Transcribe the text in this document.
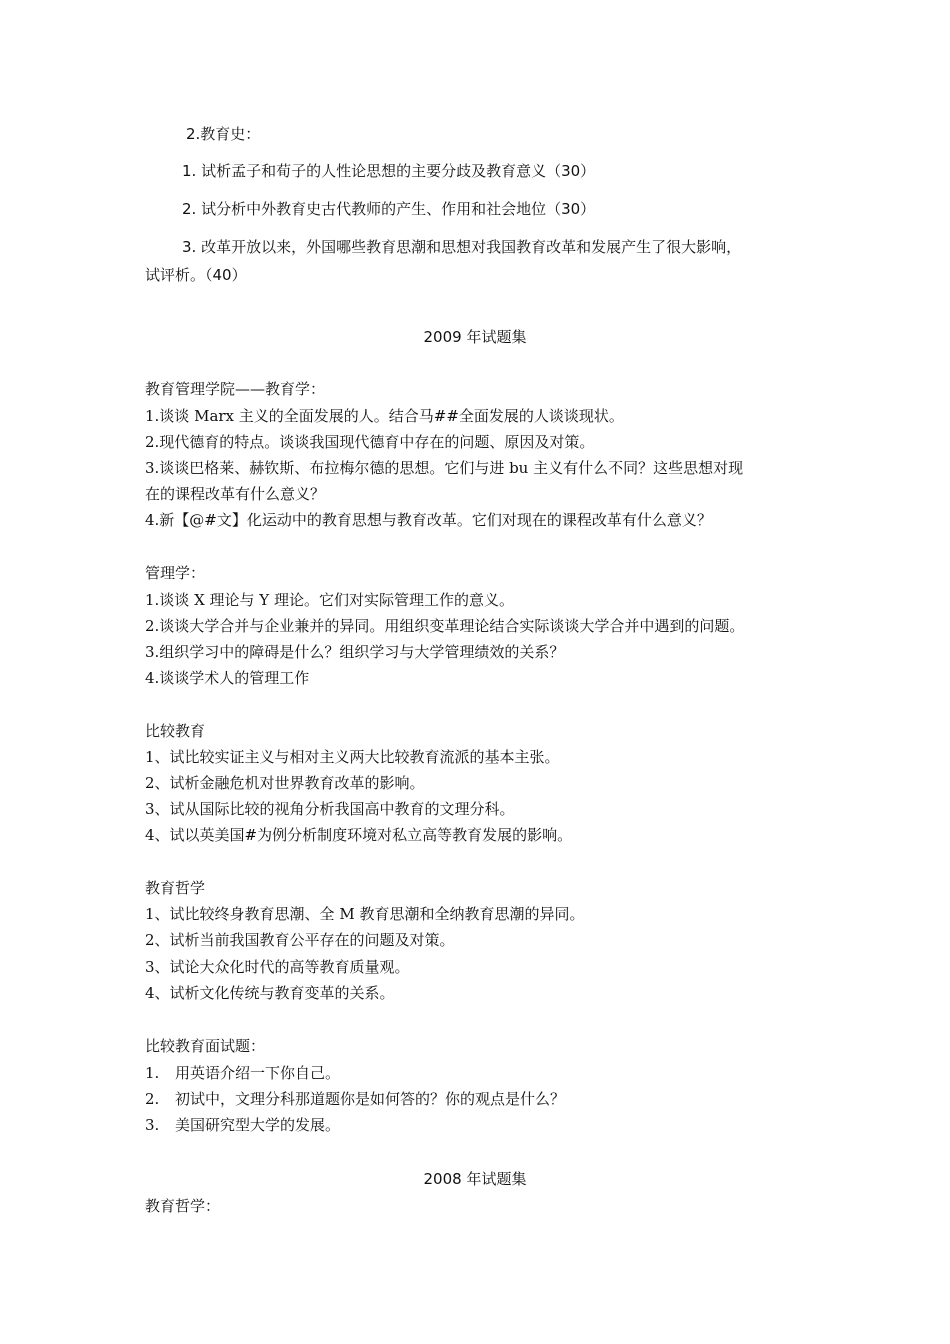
2.教育史：
1. 试析孟子和荀子的人性论思想的主要分歧及教育意义（30）
2. 试分析中外教育史古代教师的产生、作用和社会地位（30）
3. 改革开放以来，外国哪些教育思潮和思想对我国教育改革和发展产生了很大影响，
试评析。（40）
2009 年试题集
教育管理学院——教育学：
1.谈谈 Marx 主义的全面发展的人。结合马##全面发展的人谈谈现状。
2.现代德育的特点。谈谈我国现代德育中存在的问题、原因及对策。
3.谈谈巴格莱、赫钦斯、布拉梅尔德的思想。它们与进 bu 主义有什么不同？这些思想对现
在的课程改革有什么意义？
4.新【@#文】化运动中的教育思想与教育改革。它们对现在的课程改革有什么意义？
管理学：
1.谈谈 X 理论与 Y 理论。它们对实际管理工作的意义。
2.谈谈大学合并与企业兼并的异同。用组织变革理论结合实际谈谈大学合并中遇到的问题。
3.组织学习中的障碍是什么？组织学习与大学管理绩效的关系？
4.谈谈学术人的管理工作
比较教育
1、试比较实证主义与相对主义两大比较教育流派的基本主张。
2、试析金融危机对世界教育改革的影响。
3、试从国际比较的视角分析我国高中教育的文理分科。
4、试以英美国#为例分析制度环境对私立高等教育发展的影响。
教育哲学
1、试比较终身教育思潮、全 M 教育思潮和全纳教育思潮的异同。
2、试析当前我国教育公平存在的问题及对策。
3、试论大众化时代的高等教育质量观。
4、试析文化传统与教育变革的关系。
比较教育面试题：
1. 用英语介绍一下你自己。
2. 初试中，文理分科那道题你是如何答的？你的观点是什么？
3. 美国研究型大学的发展。
2008 年试题集
教育哲学：
